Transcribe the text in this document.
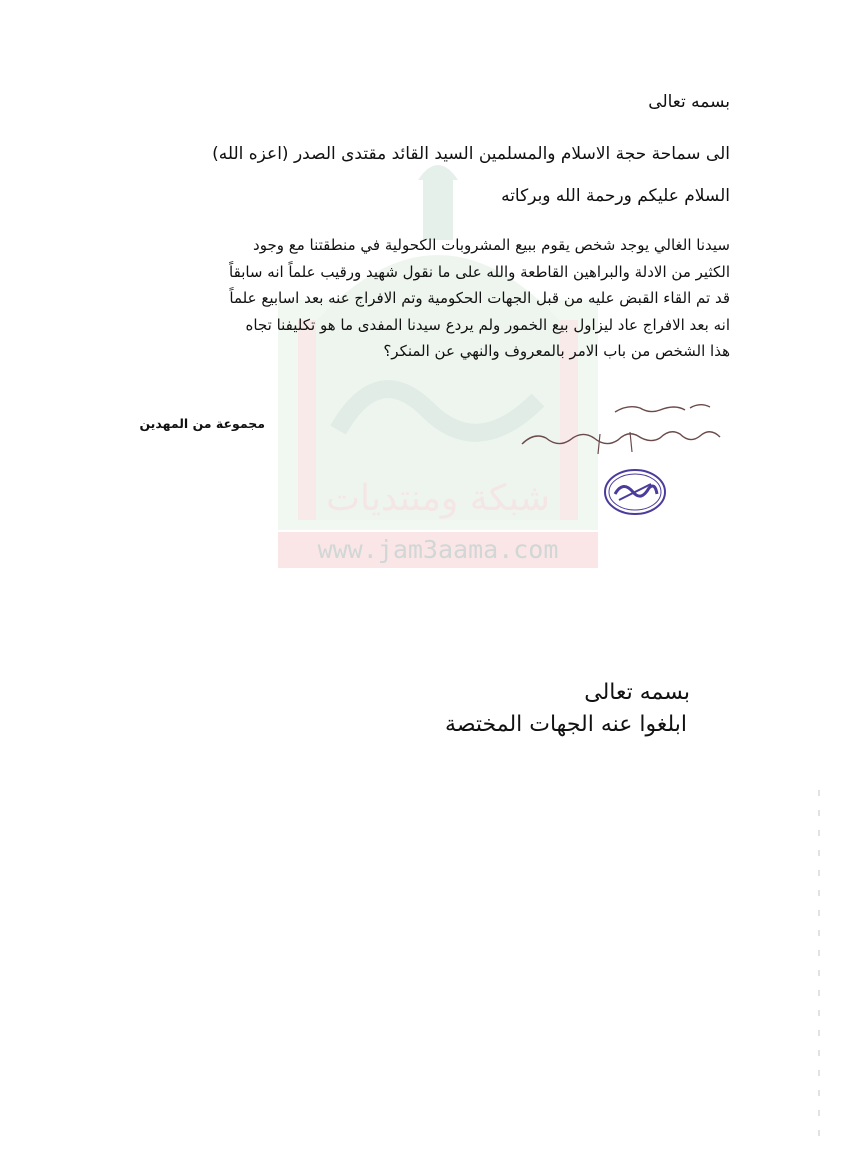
شبكة ومنتديات
www.jam3aama.com
بسمه تعالى
الى سماحة حجة الاسلام والمسلمين السيد القائد مقتدى الصدر (اعزه الله)
السلام عليكم ورحمة الله وبركاته

سيدنا الغالي يوجد شخص يقوم ببيع المشروبات الكحولية في منطقتنا مع وجود

الكثير من الادلة والبراهين القاطعة والله على ما نقول شهيد ورقيب علماً انه سابقاً

قد تم القاء القبض عليه من قبل الجهات الحكومية وتم الافراج عنه بعد اسابيع علماً

انه بعد الافراج عاد ليزاول بيع الخمور ولم يردع سيدنا المفدى ما هو تكليفنا تجاه

هذا الشخص من باب الامر بالمعروف والنهي عن المنكر؟

مجموعة من المهدين
بسمه تعالى
ابلغوا عنه الجهات المختصة
